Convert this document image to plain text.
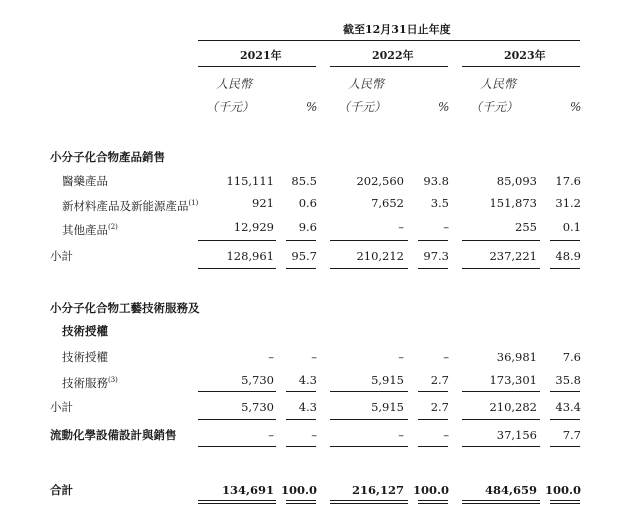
截至12月31日止年度
2021年	2022年	2023年
人民幣	人民幣	人民幣
（千元）	% （千元）	% （千元）	%
小分子化合物產品銷售
醫藥產品	115,111 85.5	202,560 93.8	85,093 17.6
新材料產品及新能源產品$^{(1)}$	921 0.6	7,652 3.5	151,873 31.2
其他產品$^{(2)}$	12,929 9.6	–	–	255 0.1
小計	128,961 95.7	210,212 97.3	237,221 48.9
小分子化合物工藝技術服務及
技術授權
技術授權	–	–	–	–	36,981 7.6
技術服務$^{(3)}$	5,730 4.3	5,915 2.7	173,301 35.8
小計	5,730 4.3	5,915 2.7	210,282 43.4
流動化學設備設計與銷售	–	–	–	–	37,156 7.7
合計	134,691 100.0	216,127 100.0	484,659 100.0
